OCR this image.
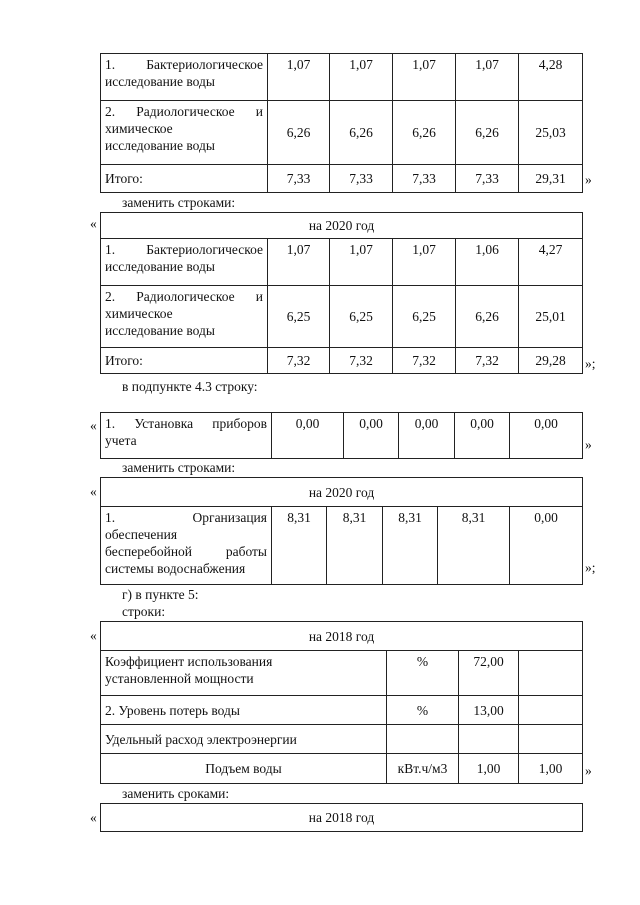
1. Бактериологическое
исследование воды	1,07	1,07	1,07	1,07	4,28

2. Радиологическое и
химическое
исследование воды	6,26	6,26	6,26	6,26	25,03
Итого:	7,33	7,33	7,33	7,33	29,31 »
заменить строками:
«	на 2020 год					

1. Бактериологическое
исследование воды	1,07	1,07	1,07	1,06	4,27

2. Радиологическое и
химическое
исследование воды	6,25	6,25	6,25	6,26	25,01
Итого:	7,32	7,32	7,32	7,32	29,28 »;
в подпункте 4.3 строку:
« 1. Установка приборов
учета	0,00	0,00	0,00	0,00	0,00
»
заменить строками:
«	на 2020 год

1. Организация
обеспечения
бесперебойной работы
системы водоснабжения	8,31	8,31	8,31	8,31	0,00
»;
г) в пункте 5:
строки:
«	на 2018 год			

Коэффициент использования
установленной мощности	%	72,00	
2. Уровень потерь воды	%	13,00	
Удельный расход электроэнергии			
Подъем воды	кВт.ч/м3	1,00	1,00 »
заменить сроками:
«	на 2018 год
